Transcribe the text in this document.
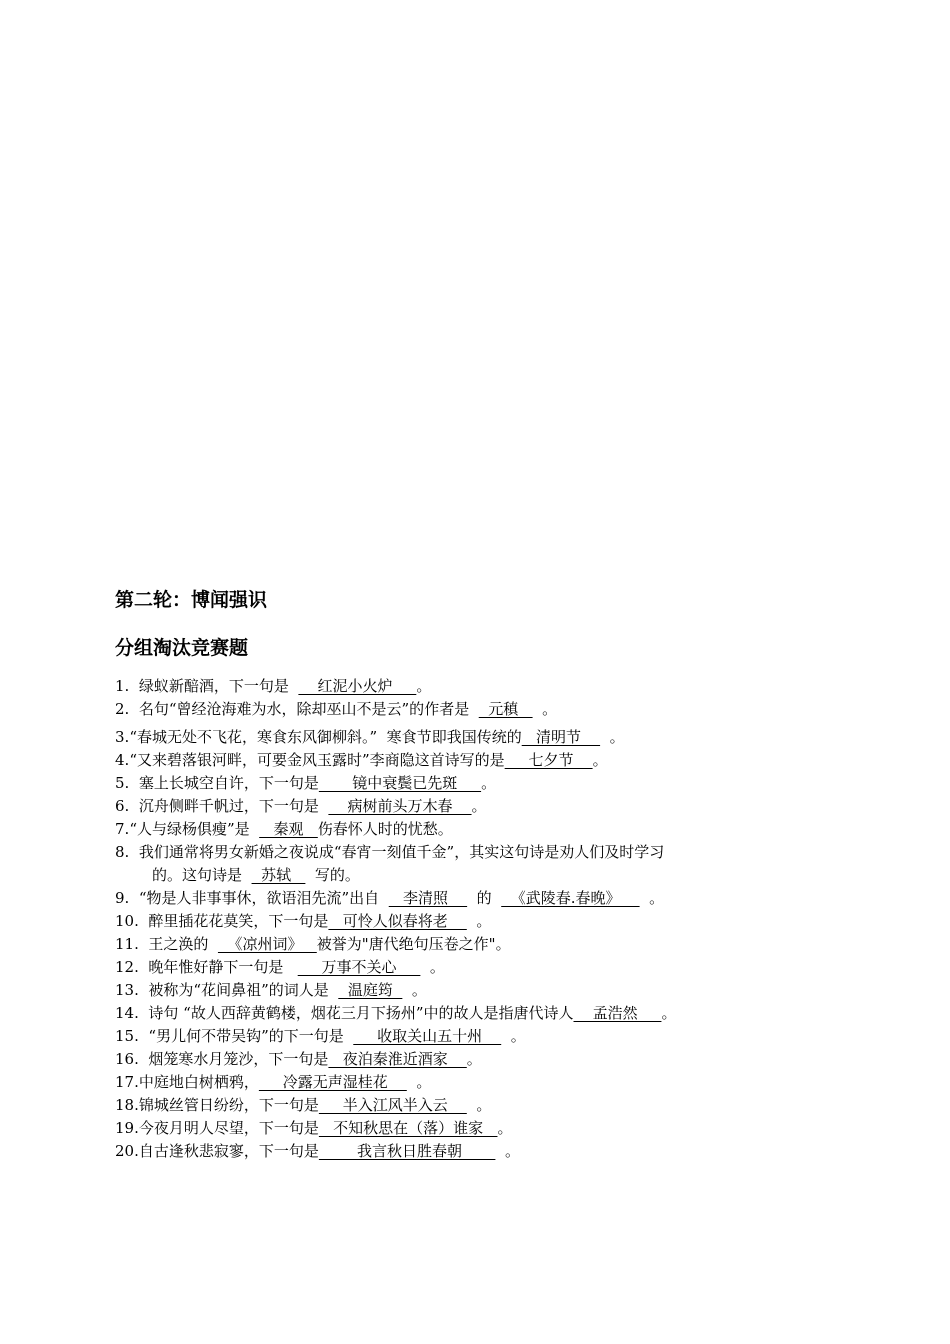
第二轮：博闻强识
分组淘汰竞赛题
1.  绿蚁新醅酒，下一句是      红泥小火炉     。
2.  名句“曾经沧海难为水，除却巫山不是云”的作者是    元稹     。
3.“春城无处不飞花，寒食东风御柳斜。”  寒食节即我国传统的   清明节      。
4.“又来碧落银河畔，可要金风玉露时”李商隐这首诗写的是     七夕节    。
5.  塞上长城空自许，下一句是       镜中衰鬓已先斑     。
6.  沉舟侧畔千帆过，下一句是      病树前头万木春    。
7.“人与绿杨俱瘦”是     秦观   伤春怀人时的忧愁。
8.  我们通常将男女新婚之夜说成“春宵一刻值千金”，其实这句诗是劝人们及时学习
的。这句诗是    苏轼     写的。
9.  “物是人非事事休，欲语泪先流”出自     李清照      的    《武陵春.春晚》      。
10.  醉里插花花莫笑，下一句是   可怜人似春将老      。
11.  王之涣的    《凉州词》   被誉为"唐代绝句压卷之作"。
12.  晚年惟好静下一句是        万事不关心       。
13.  被称为“花间鼻祖”的词人是    温庭筠    。
14.  诗句 “故人西辞黄鹤楼，烟花三月下扬州”中的故人是指唐代诗人    孟浩然     。
15.  “男儿何不带吴钩”的下一句是       收取关山五十州      。
16.  烟笼寒水月笼沙，下一句是   夜泊秦淮近酒家    。
17.中庭地白树栖鸦，     冷露无声湿桂花      。
18.锦城丝管日纷纷，下一句是     半入江风半入云      。
19.今夜月明人尽望，下一句是   不知秋思在（落）谁家   。
20.自古逢秋悲寂寥，下一句是        我言秋日胜春朝         。
